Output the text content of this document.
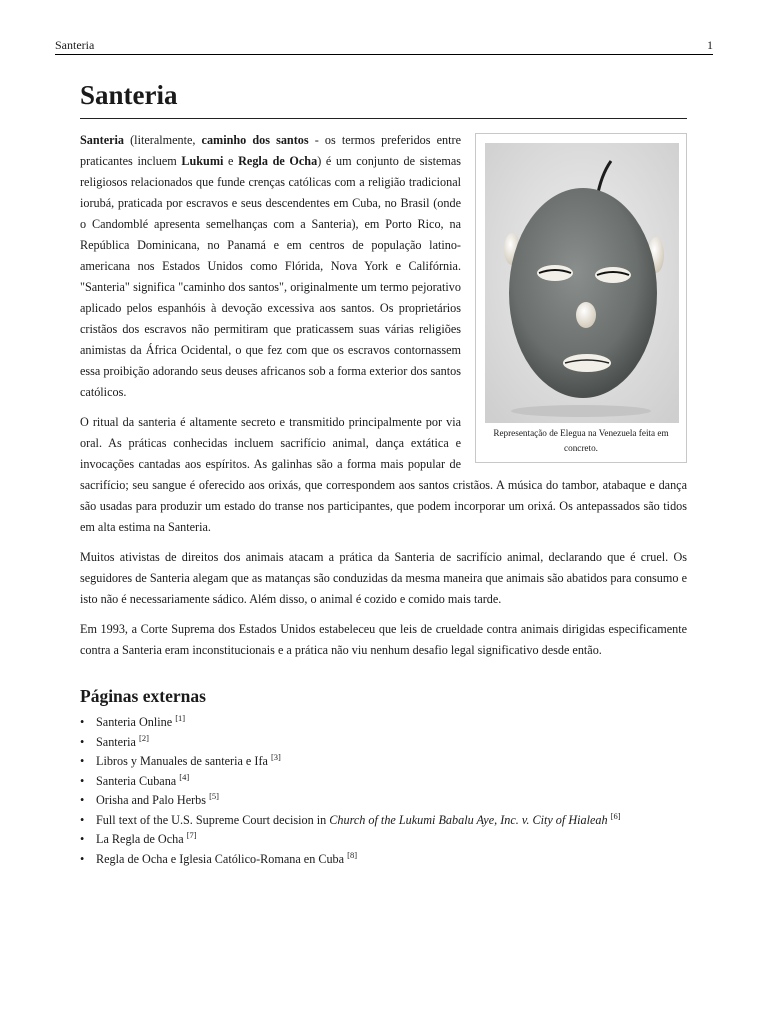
Santeria	1
Santeria
Representação de Elegua na Venezuela feita em concreto.

Santeria (literalmente, caminho dos santos - os termos preferidos entre praticantes incluem Lukumi e Regla de Ocha) é um conjunto de sistemas religiosos relacionados que funde crenças católicas com a religião tradicional iorubá, praticada por escravos e seus descendentes em Cuba, no Brasil (onde o Candomblé apresenta semelhanças com a Santeria), em Porto Rico, na República Dominicana, no Panamá e em centros de população latino-americana nos Estados Unidos como Flórida, Nova York e Califórnia. "Santeria" significa "caminho dos santos", originalmente um termo pejorativo aplicado pelos espanhóis à devoção excessiva aos santos. Os proprietários cristãos dos escravos não permitiram que praticassem suas várias religiões animistas da África Ocidental, o que fez com que os escravos contornassem essa proibição adorando seus deuses africanos sob a forma exterior dos santos católicos.

O ritual da santeria é altamente secreto e transmitido principalmente por via oral. As práticas conhecidas incluem sacrifício animal, dança extática e invocações cantadas aos espíritos. As galinhas são a forma mais popular de sacrifício; seu sangue é oferecido aos orixás, que correspondem aos santos cristãos. A música do tambor, atabaque e dança são usadas para produzir um estado do transe nos participantes, que podem incorporar um orixá. Os antepassados são tidos em alta estima na Santeria.

Muitos ativistas de direitos dos animais atacam a prática da Santeria de sacrifício animal, declarando que é cruel. Os seguidores de Santeria alegam que as matanças são conduzidas da mesma maneira que animais são abatidos para consumo e isto não é necessariamente sádico. Além disso, o animal é cozido e comido mais tarde.

Em 1993, a Corte Suprema dos Estados Unidos estabeleceu que leis de crueldade contra animais dirigidas especificamente contra a Santeria eram inconstitucionais e a prática não viu nenhum desafio legal significativo desde então.

Páginas externas
• Santeria Online [1]
• Santeria [2]
• Libros y Manuales de santeria e Ifa [3]
• Santeria Cubana [4]
• Orisha and Palo Herbs [5]
• Full text of the U.S. Supreme Court decision in Church of the Lukumi Babalu Aye, Inc. v. City of Hialeah [6]
• La Regla de Ocha [7]
• Regla de Ocha e Iglesia Católico-Romana en Cuba [8]
